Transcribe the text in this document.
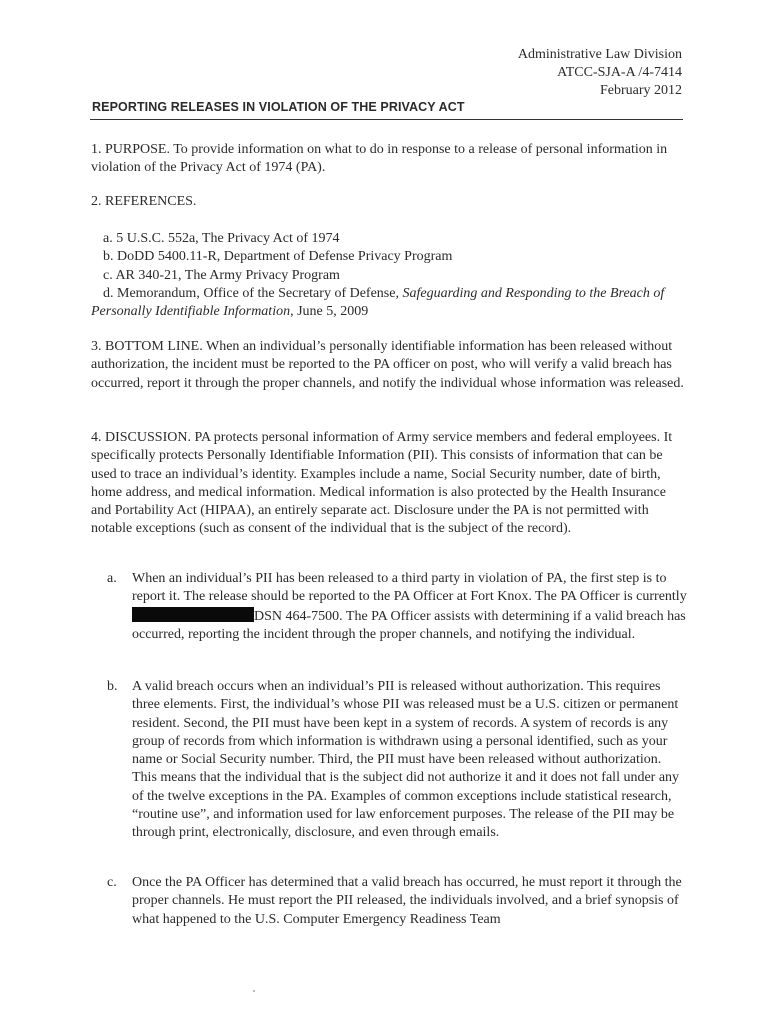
Administrative Law Division
ATCC-SJA-A /4-7414
February 2012
REPORTING RELEASES IN VIOLATION OF THE PRIVACY ACT
1. PURPOSE. To provide information on what to do in response to a release of personal information in violation of the Privacy Act of 1974 (PA).
2. REFERENCES.
a. 5 U.S.C. 552a, The Privacy Act of 1974
b. DoDD 5400.11-R, Department of Defense Privacy Program
c. AR 340-21, The Army Privacy Program
d. Memorandum, Office of the Secretary of Defense, Safeguarding and Responding to the Breach of Personally Identifiable Information, June 5, 2009
3. BOTTOM LINE. When an individual’s personally identifiable information has been released without authorization, the incident must be reported to the PA officer on post, who will verify a valid breach has occurred, report it through the proper channels, and notify the individual whose information was released.
4. DISCUSSION. PA protects personal information of Army service members and federal employees. It specifically protects Personally Identifiable Information (PII). This consists of information that can be used to trace an individual’s identity. Examples include a name, Social Security number, date of birth, home address, and medical information. Medical information is also protected by the Health Insurance and Portability Act (HIPAA), an entirely separate act. Disclosure under the PA is not permitted with notable exceptions (such as consent of the individual that is the subject of the record).
a.	When an individual’s PII has been released to a third party in violation of PA, the first step is to report it. The release should be reported to the PA Officer at Fort Knox. The PA Officer is currently DSN 464-7500. The PA Officer assists with determining if a valid breach has occurred, reporting the incident through the proper channels, and notifying the individual.
b.	A valid breach occurs when an individual’s PII is released without authorization. This requires three elements. First, the individual’s whose PII was released must be a U.S. citizen or permanent resident. Second, the PII must have been kept in a system of records. A system of records is any group of records from which information is withdrawn using a personal identified, such as your name or Social Security number. Third, the PII must have been released without authorization. This means that the individual that is the subject did not authorize it and it does not fall under any of the twelve exceptions in the PA. Examples of common exceptions include statistical research, “routine use”, and information used for law enforcement purposes. The release of the PII may be through print, electronically, disclosure, and even through emails.
c.	Once the PA Officer has determined that a valid breach has occurred, he must report it through the proper channels. He must report the PII released, the individuals involved, and a brief synopsis of what happened to the U.S. Computer Emergency Readiness Team
